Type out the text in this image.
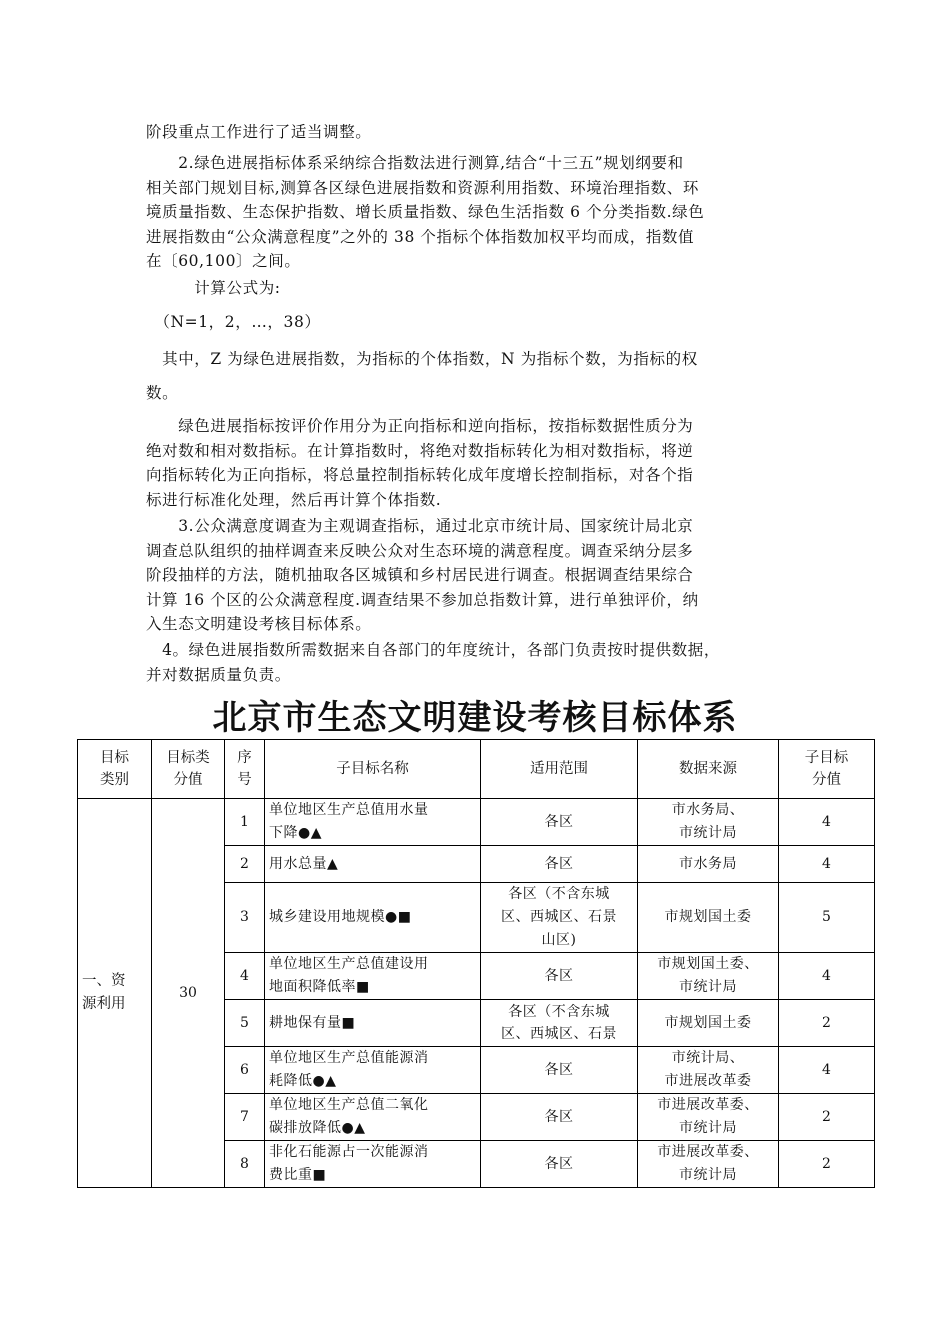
阶段重点工作进行了适当调整。
　　2.绿色进展指标体系采纳综合指数法进行测算,结合“十三五”规划纲要和
相关部门规划目标,测算各区绿色进展指数和资源利用指数、环境治理指数、环
境质量指数、生态保护指数、增长质量指数、绿色生活指数 6 个分类指数.绿色
进展指数由“公众满意程度”之外的 38 个指标个体指数加权平均而成，指数值
在〔60,100〕之间。
　　　计算公式为:
　（N=1，2，…，38）
　其中，Z 为绿色进展指数，为指标的个体指数，N 为指标个数，为指标的权
数。
　　绿色进展指标按评价作用分为正向指标和逆向指标，按指标数据性质分为
绝对数和相对数指标。在计算指数时，将绝对数指标转化为相对数指标，将逆
向指标转化为正向指标，将总量控制指标转化成年度增长控制指标，对各个指
标进行标准化处理，然后再计算个体指数.
　　3.公众满意度调查为主观调查指标，通过北京市统计局、国家统计局北京
调查总队组织的抽样调查来反映公众对生态环境的满意程度。调查采纳分层多
阶段抽样的方法，随机抽取各区城镇和乡村居民进行调查。根据调查结果综合
计算 16 个区的公众满意程度.调查结果不参加总指数计算，进行单独评价，纳
入生态文明建设考核目标体系。
　4。绿色进展指数所需数据来自各部门的年度统计，各部门负责按时提供数据，
并对数据质量负责。
北京市生态文明建设考核目标体系
目标
类别	目标类
分值	序
号	子目标名称	适用范围	数据来源	子目标
分值

一、资
源利用	30	1	单位地区生产总值用水量
下降●▲	各区	市水务局、
市统计局	4
		2	用水总量▲	各区	市水务局	4
		3	城乡建设用地规模●■	各区（不含东城
区、西城区、石景
山区)	市规划国土委	5
		4	单位地区生产总值建设用
地面积降低率■	各区	市规划国土委、
市统计局	4
		5	耕地保有量■	各区（不含东城
区、西城区、石景	市规划国土委	2
		6	单位地区生产总值能源消
耗降低●▲	各区	市统计局、
市进展改革委	4
		7	单位地区生产总值二氧化
碳排放降低●▲	各区	市进展改革委、
市统计局	2
		8	非化石能源占一次能源消
费比重■	各区	市进展改革委、
市统计局	2
